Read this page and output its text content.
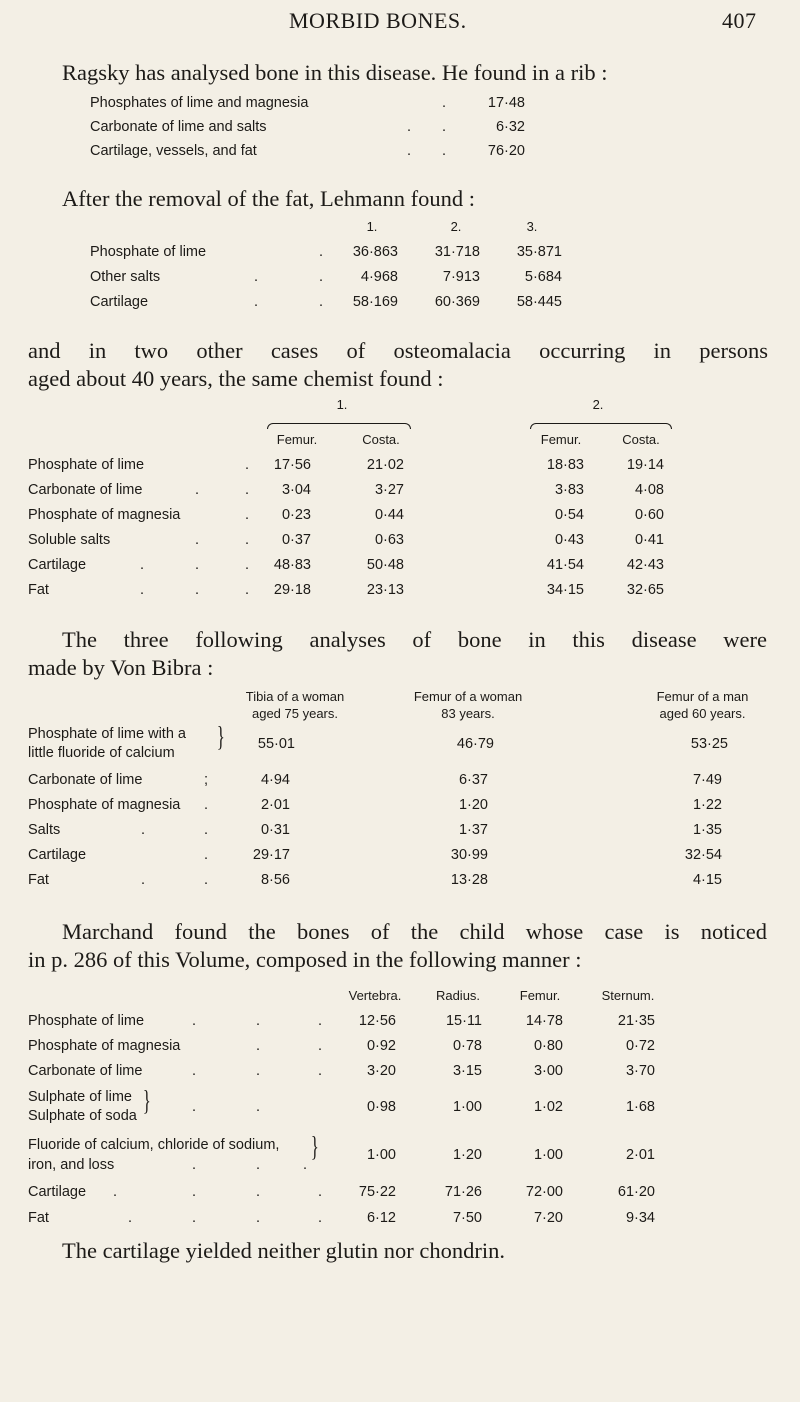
MORBID BONES.	407
Ragsky has analysed bone in this disease. He found in a rib :
Phosphates of lime and magnesia	.	17·48
Carbonate of lime and salts	. .	6·32
Cartilage, vessels, and fat	. .	76·20
After the removal of the fat, Lehmann found :
1.	2.	3.
Phosphate of lime	.	36·863	31·718	35·871
Other salts	.	.	4·968	7·913	5·684
Cartilage	.	.	58·169	60·369	58·445
and in two other cases of osteomalacia occurring in persons
aged about 40 years, the same chemist found :
1.	2.
Femur.	Costa.	Femur.	Costa.
Phosphate of lime	.	17·56	21·02	18·83	19·14
Carbonate of lime	.	.	3·04	3·27	3·83	4·08
Phosphate of magnesia	.	0·23	0·44	0·54	0·60
Soluble salts	.	.	0·37	0·63	0·43	0·41
Cartilage	.	.	.	48·83	50·48	41·54	42·43
Fat	.	.	.	29·18	23·13	34·15	32·65
The three following analyses of bone in this disease were
made by Von Bibra :
Tibia of a woman
aged 75 years.
Femur of a woman
83 years.
Femur of a man
aged 60 years.
Phosphate of lime with a
little fluoride of calcium }	55·01	46·79	53·25
Carbonate of lime	;	4·94	6·37	7·49
Phosphate of magnesia .	2·01	1·20	1·22
Salts	.	.	0·31	1·37	1·35
Cartilage	.	29·17	30·99	32·54
Fat	.	.	8·56	13·28	4·15
Marchand found the bones of the child whose case is noticed
in p. 286 of this Volume, composed in the following manner :
Vertebra.	Radius.	Femur.	Sternum.
Phosphate of lime	.	.	.	12·56	15·11	14·78	21·35
Phosphate of magnesia	.	.	0·92	0·78	0·80	0·72
Carbonate of lime	.	.	.	3·20	3·15	3·00	3·70
Sulphate of lime
Sulphate of soda }	.	.	0·98	1·00	1·02	1·68
Fluoride of calcium, chloride of sodium,
iron, and loss	.	.	.
}	1·00	1·20	1·00	2·01
Cartilage .	.	.	.	75·22	71·26	72·00	61·20
Fat	.	.	.	.	6·12	7·50	7·20	9·34
The cartilage yielded neither glutin nor chondrin.
